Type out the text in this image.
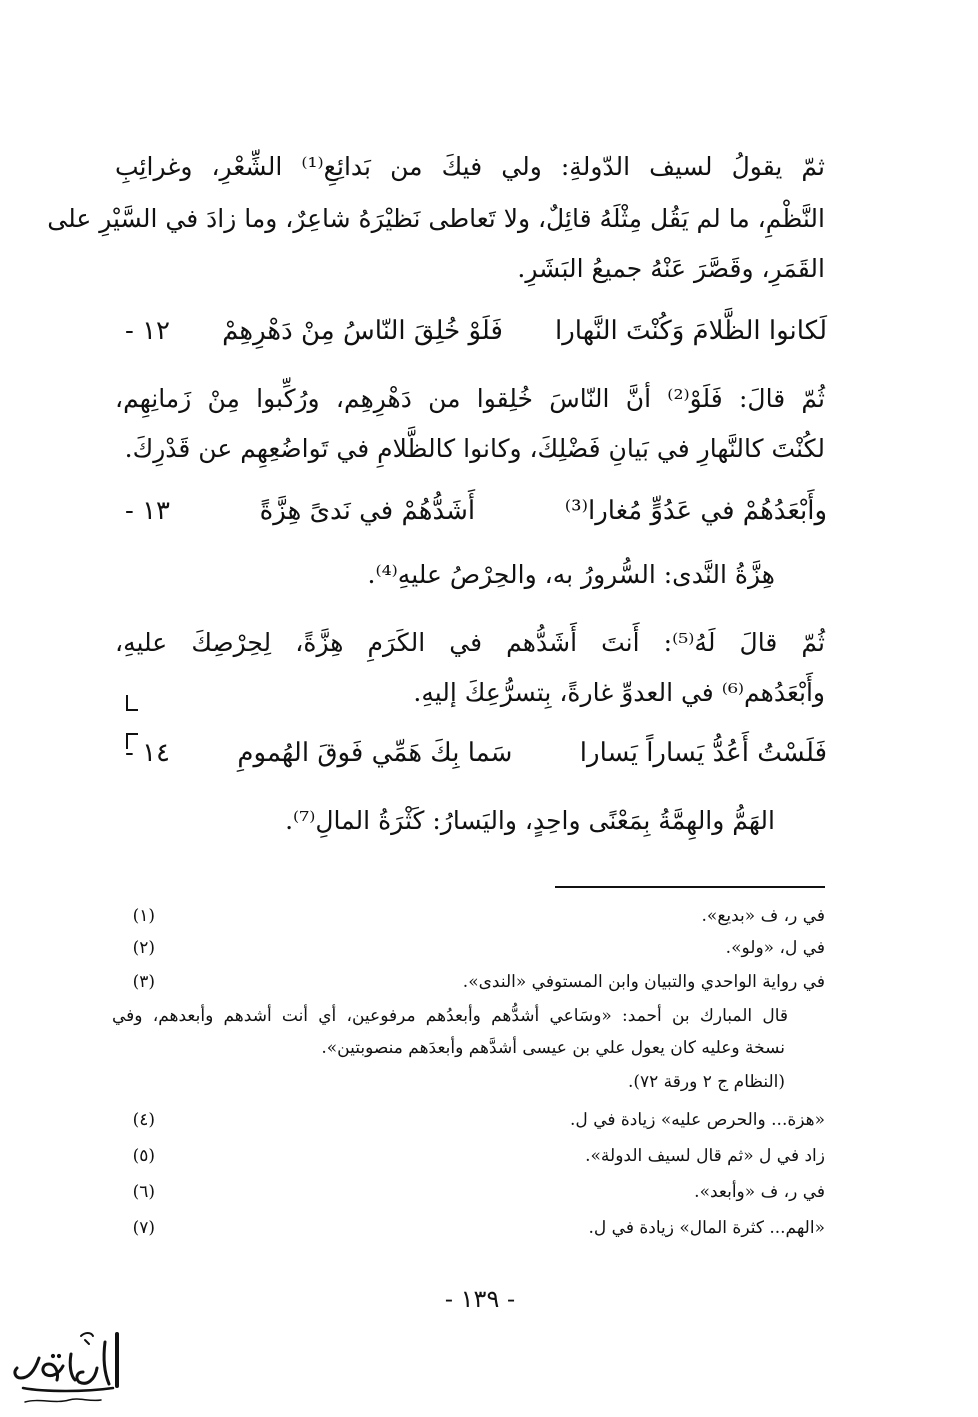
ثمّ يقولُ لسيف الدّولةِ: ولي فيكَ من بَدائِعِ⁽¹⁾ الشِّعْرِ، وغرائِبِ
النَّظْمِ، ما لم يَقُل مِثْلَهُ قائِلٌ، ولا تَعاطى نَظيْرَهُ شاعِرٌ، وما زادَ في السَّيْرِ على
القَمَرِ، وقَصَّرَ عَنْهُ جميعُ البَشَرِ.
١٢ - فَلَوْ خُلِقَ النّاسُ مِنْ دَهْرِهِمْ لَكانوا الظَّلامَ وَكُنْتَ النَّهارا
ثُمّ قالَ: فَلَوْ⁽²⁾ أنَّ النّاسَ خُلِقوا من دَهْرِهِم، ورُكِّبوا مِنْ زَمانِهِم،
لكُنْتَ كالنَّهارِ في بَيانِ فَضْلِكَ، وكانوا كالظَّلامِ في تَواضُعِهِم عن قَدْرِكَ.
١٣ -	أَشَدُّهُمْ في نَدىً هِزَّةً	وأَبْعَدُهُمْ في عَدُوٍّ مُغارا⁽³⁾
هِزَّةُ النَّدى: السُّرورُ به، والحِرْصُ عليهِ⁽⁴⁾.
ثُمّ قالَ لَهُ⁽⁵⁾: أَنتَ أَشَدُّهم في الكَرَمِ هِزَّةً، لِحِرْصِكَ عليهِ،
وأَبْعَدُهم⁽⁶⁾ في العدوِّ غارةً، بِتسرُّعِكَ إليهِ.
١٤ -	سَما بِكَ هَمِّي فَوقَ الهُمومِ	فَلَسْتُ أَعُدُّ يَساراً يَسارا
الهَمُّ والهِمَّةُ بِمَعْنًى واحِدٍ، واليَسارُ: كَثْرَةُ المالِ⁽⁷⁾.
(١)	في ر، ف «بديع».
(٢)	في ل، «ولو».
(٣)	في رواية الواحدي والتبيان وابن المستوفي «الندى».
قال المبارك بن أحمد: «وسَاعي أشدُّهم وأبعدُهم مرفوعين، أي أنت أشدهم وأبعدهم، وفي
نسخة وعليه كان يعول علي بن عيسى أشدَّهم وأبعدَهم منصوبتين».
(النظام ج ٢ ورقة ٧٢).
(٤)	«هزة... والحرص عليه» زيادة في ل.
(٥)	زاد في ل «ثم قال لسيف الدولة».
(٦)	في ر، ف «وأبعد».
(٧)	«الهم... كثرة المال» زيادة في ل.
- ١٣٩ -
